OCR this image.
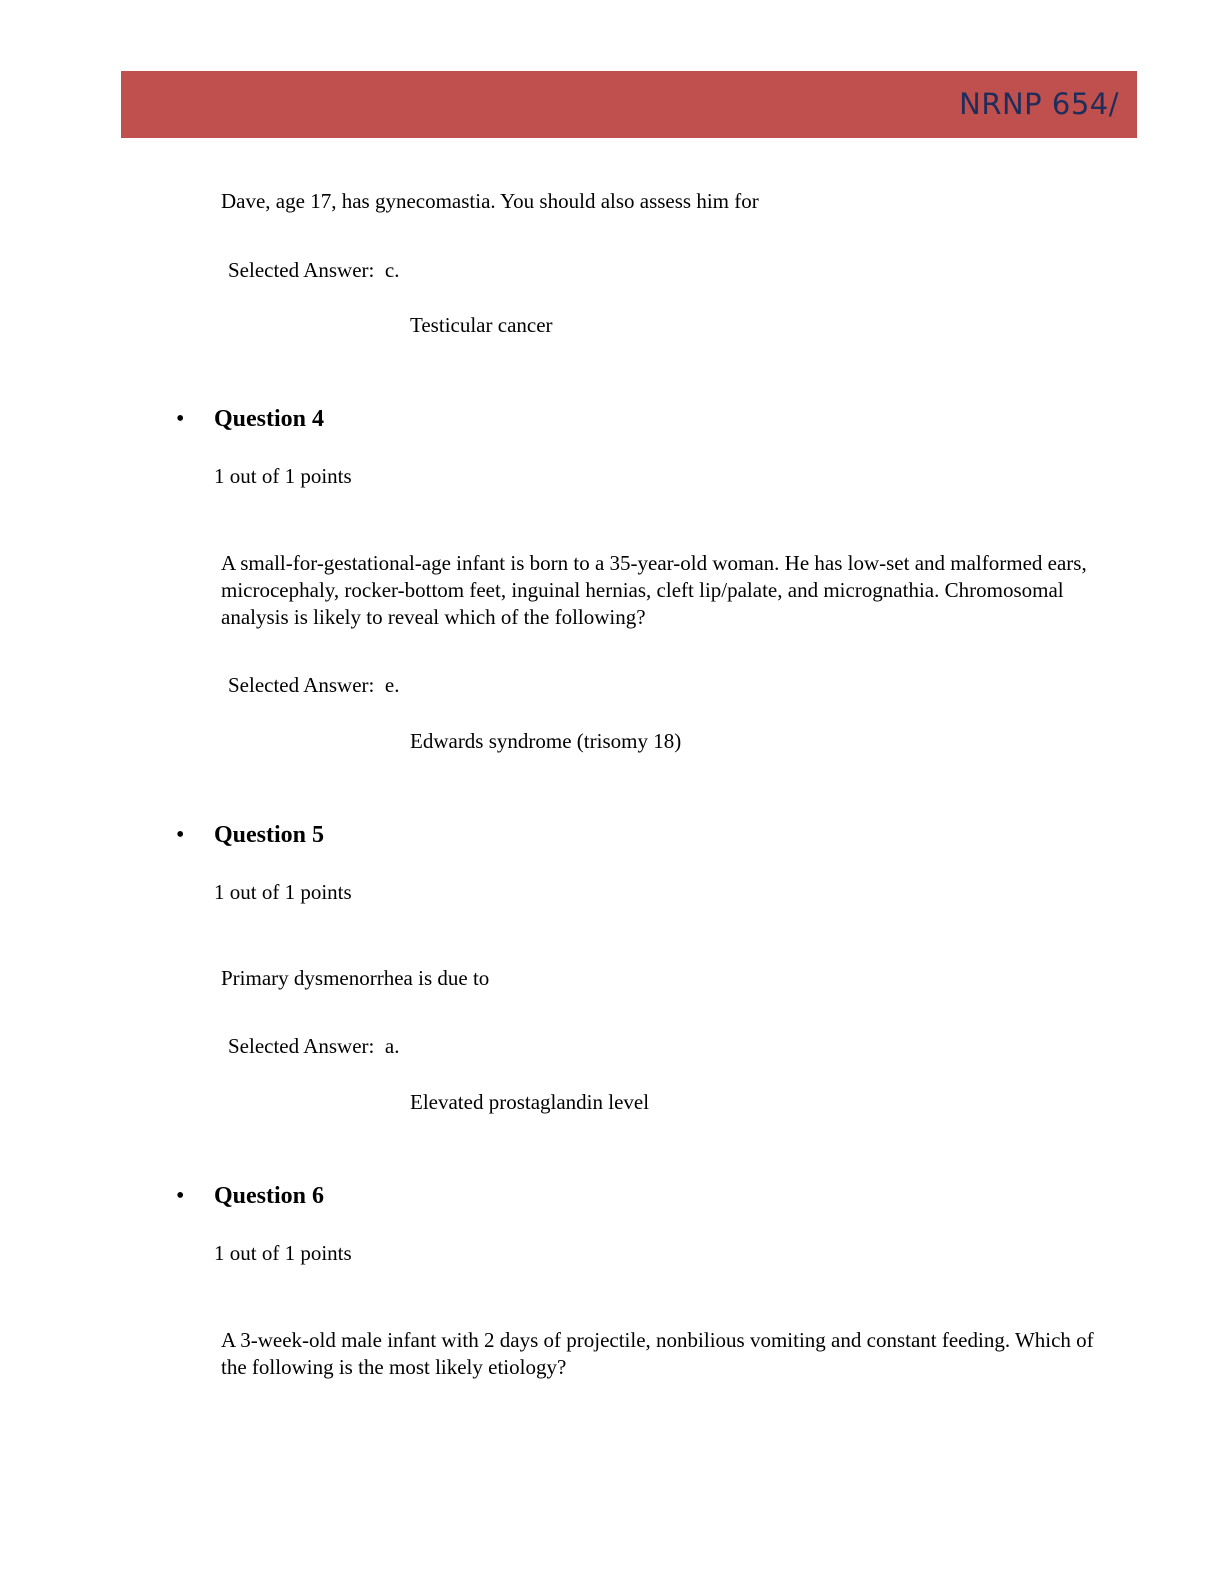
NRNP 654/
Dave, age 17, has gynecomastia. You should also assess him for
Selected Answer: c.
Testicular cancer
• Question 4
1 out of 1 points
A small-for-gestational-age infant is born to a 35-year-old woman. He has low-set and malformed ears, microcephaly, rocker-bottom feet, inguinal hernias, cleft lip/palate, and micrognathia. Chromosomal analysis is likely to reveal which of the following?
Selected Answer: e.
Edwards syndrome (trisomy 18)
• Question 5
1 out of 1 points
Primary dysmenorrhea is due to
Selected Answer: a.
Elevated prostaglandin level
• Question 6
1 out of 1 points
A 3-week-old male infant with 2 days of projectile, nonbilious vomiting and constant feeding. Which of the following is the most likely etiology?
